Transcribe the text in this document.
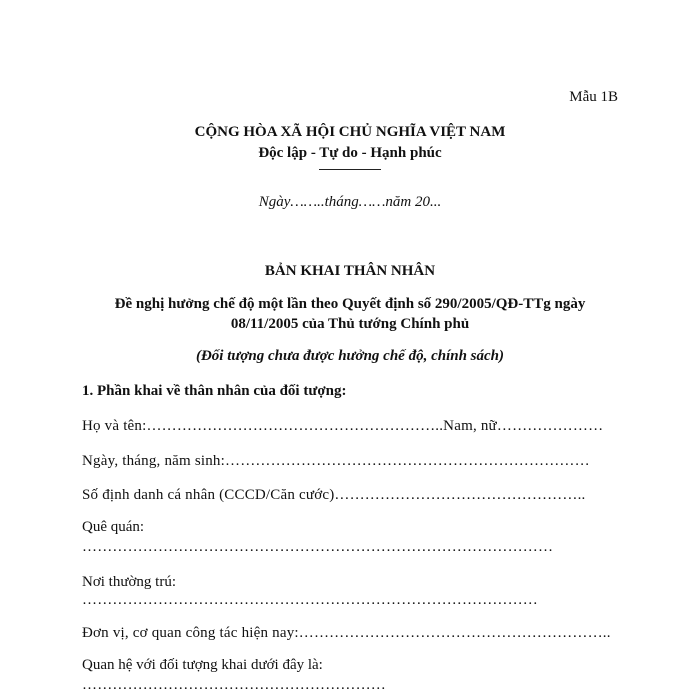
Mẫu 1B
CỘNG HÒA XÃ HỘI CHỦ NGHĨA VIỆT NAM
Độc lập - Tự do - Hạnh phúc
Ngày……..tháng……năm 20...
BẢN KHAI THÂN NHÂN
Đề nghị hưởng chế độ một lần theo Quyết định số 290/2005/QĐ-TTg ngày
08/11/2005 của Thủ tướng Chính phủ
(Đối tượng chưa được hưởng chế độ, chính sách)
1. Phần khai về thân nhân của đối tượng:
Họ và tên:…………………………………………………..Nam, nữ…………………
Ngày, tháng, năm sinh:………………………………………………………………
Số định danh cá nhân (CCCD/Căn cước)…………………………………………..
Quê quán:
…………………………………………………………………………………
Nơi thường trú:
………………………………………………………………………………
Đơn vị, cơ quan công tác hiện nay:……………………………………………………..
Quan hệ với đối tượng khai dưới đây là:
……………………………………………………
